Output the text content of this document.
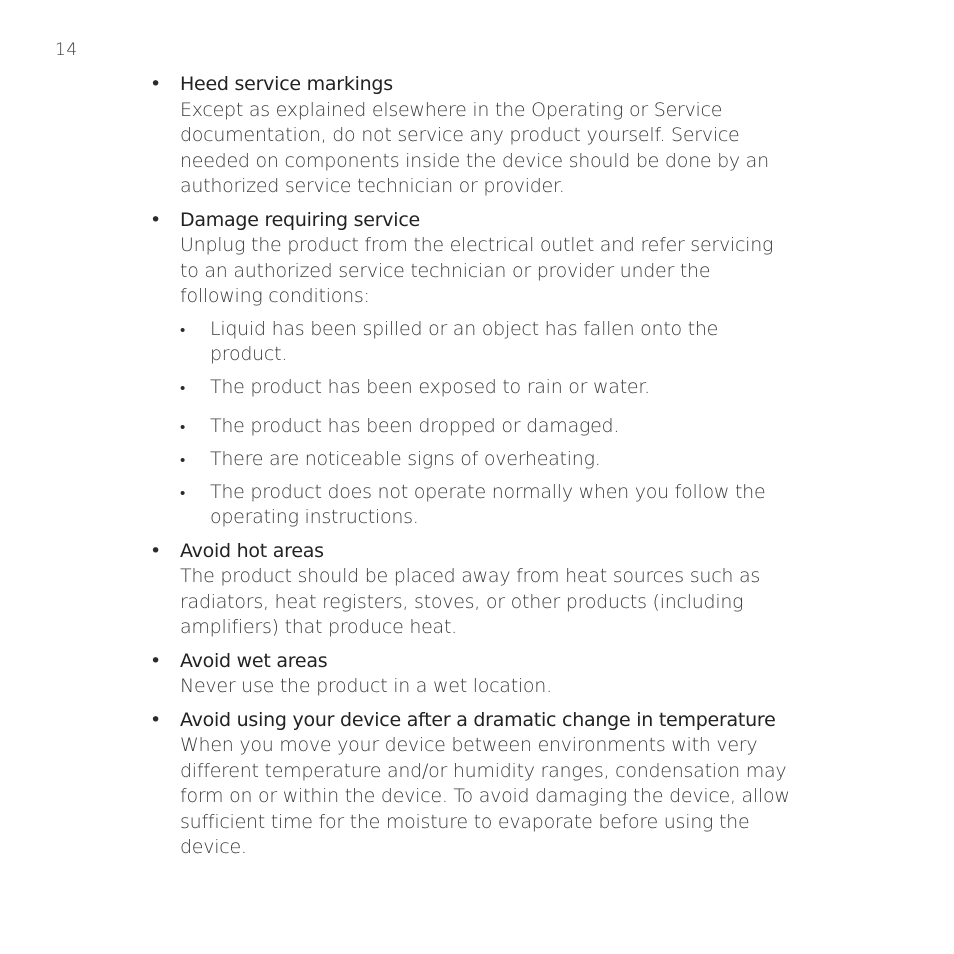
14
• Heed service markings

Except as explained elsewhere in the Operating or Service
documentation, do not service any product yourself. Service
needed on components inside the device should be done by an
authorized service technician or provider.

• Damage requiring service

Unplug the product from the electrical outlet and refer servicing
to an authorized service technician or provider under the
following conditions:

• Liquid has been spilled or an object has fallen onto the
product.
• The product has been exposed to rain or water.
• The product has been dropped or damaged.
• There are noticeable signs of overheating.
• The product does not operate normally when you follow the
operating instructions.
• Avoid hot areas

The product should be placed away from heat sources such as
radiators, heat registers, stoves, or other products (including
amplifiers) that produce heat.

• Avoid wet areas

Never use the product in a wet location.

• Avoid using your device after a dramatic change in temperature

When you move your device between environments with very
different temperature and/or humidity ranges, condensation may
form on or within the device. To avoid damaging the device, allow
sufficient time for the moisture to evaporate before using the
device.
